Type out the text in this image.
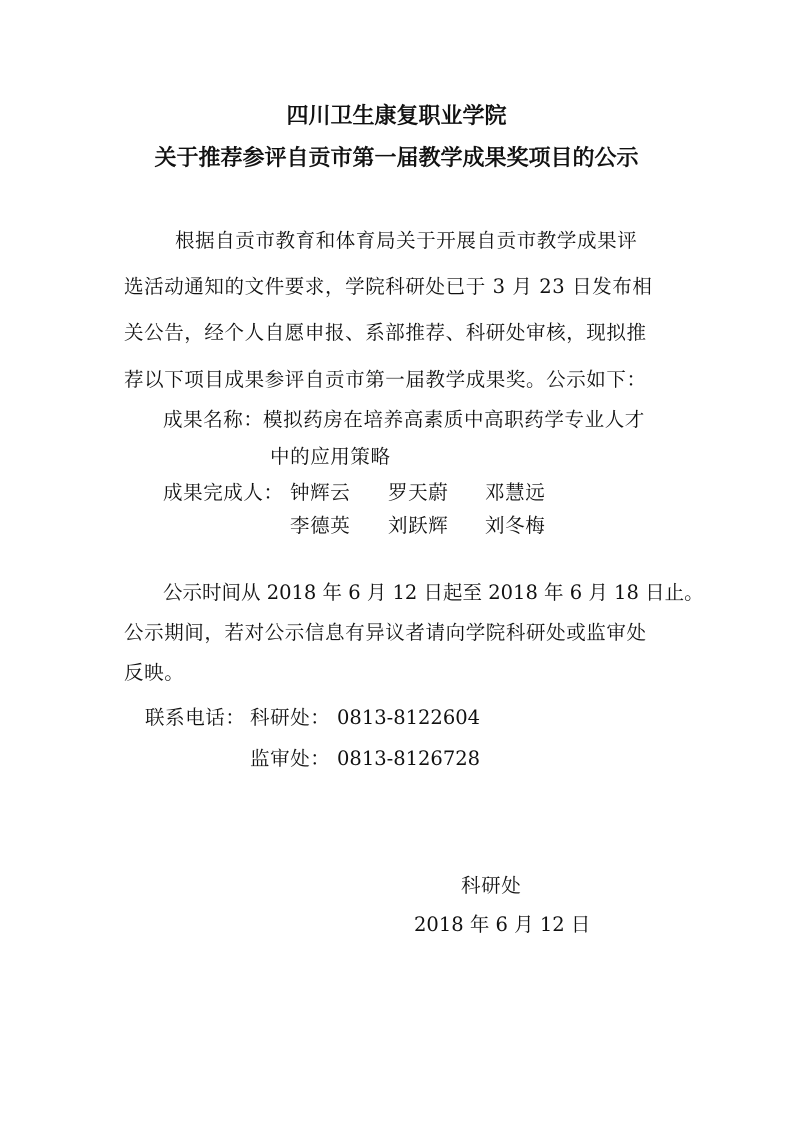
四川卫生康复职业学院
关于推荐参评自贡市第一届教学成果奖项目的公示
根据自贡市教育和体育局关于开展自贡市教学成果评
选活动通知的文件要求，学院科研处已于 3 月 23 日发布相
关公告，经个人自愿申报、系部推荐、科研处审核，现拟推
荐以下项目成果参评自贡市第一届教学成果奖。公示如下：
成果名称： 模拟药房在培养高素质中高职药学专业人才
中的应用策略
成果完成人： 钟辉云 罗天蔚 邓慧远
李德英 刘跃辉 刘冬梅
公示时间从 2018 年 6 月 12 日起至 2018 年 6 月 18 日止。
公示期间，若对公示信息有异议者请向学院科研处或监审处
反映。
联系电话： 科研处： 0813-8122604
监审处： 0813-8126728
科研处
2018 年 6 月 12 日
